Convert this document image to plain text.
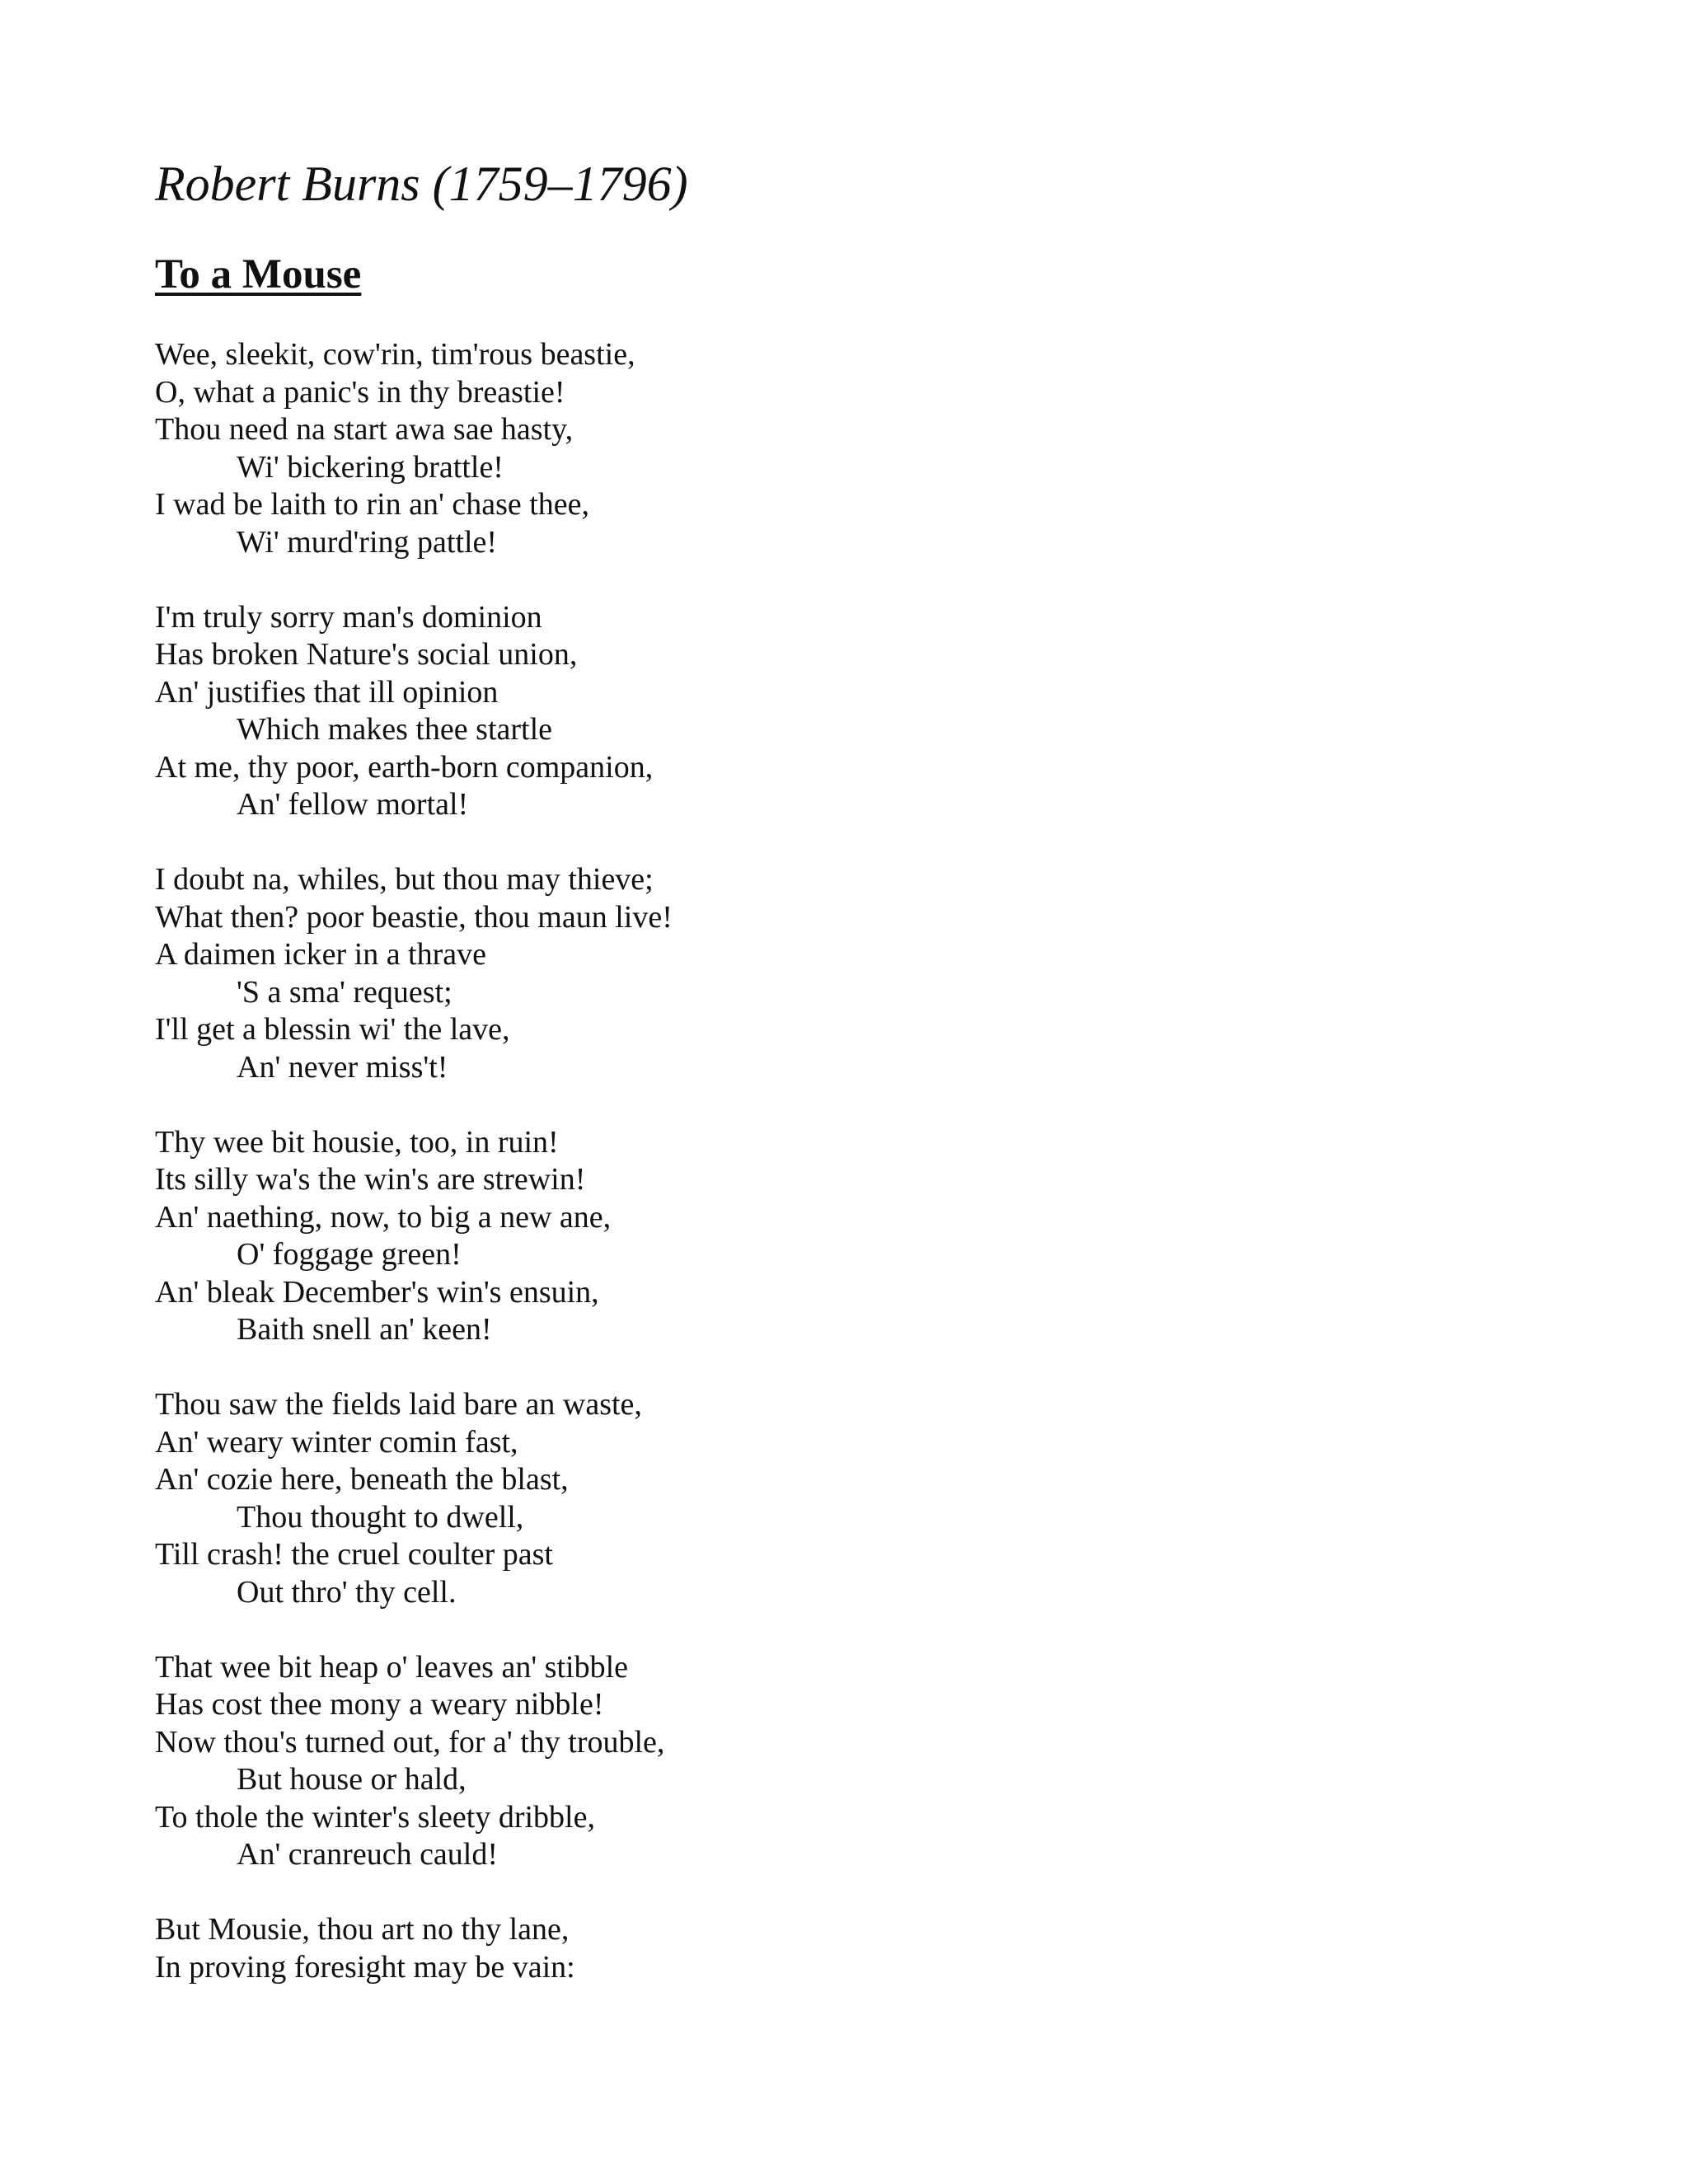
Robert Burns (1759–1796)
To a Mouse
Wee, sleekit, cow'rin, tim'rous beastie,
O, what a panic's in thy breastie!
Thou need na start awa sae hasty,
Wi' bickering brattle!
I wad be laith to rin an' chase thee,
Wi' murd'ring pattle!
I'm truly sorry man's dominion
Has broken Nature's social union,
An' justifies that ill opinion
Which makes thee startle
At me, thy poor, earth-born companion,
An' fellow mortal!
I doubt na, whiles, but thou may thieve;
What then? poor beastie, thou maun live!
A daimen icker in a thrave
'S a sma' request;
I'll get a blessin wi' the lave,
An' never miss't!
Thy wee bit housie, too, in ruin!
Its silly wa's the win's are strewin!
An' naething, now, to big a new ane,
O' foggage green!
An' bleak December's win's ensuin,
Baith snell an' keen!
Thou saw the fields laid bare an waste,
An' weary winter comin fast,
An' cozie here, beneath the blast,
Thou thought to dwell,
Till crash! the cruel coulter past
Out thro' thy cell.
That wee bit heap o' leaves an' stibble
Has cost thee mony a weary nibble!
Now thou's turned out, for a' thy trouble,
But house or hald,
To thole the winter's sleety dribble,
An' cranreuch cauld!
But Mousie, thou art no thy lane,
In proving foresight may be vain:
